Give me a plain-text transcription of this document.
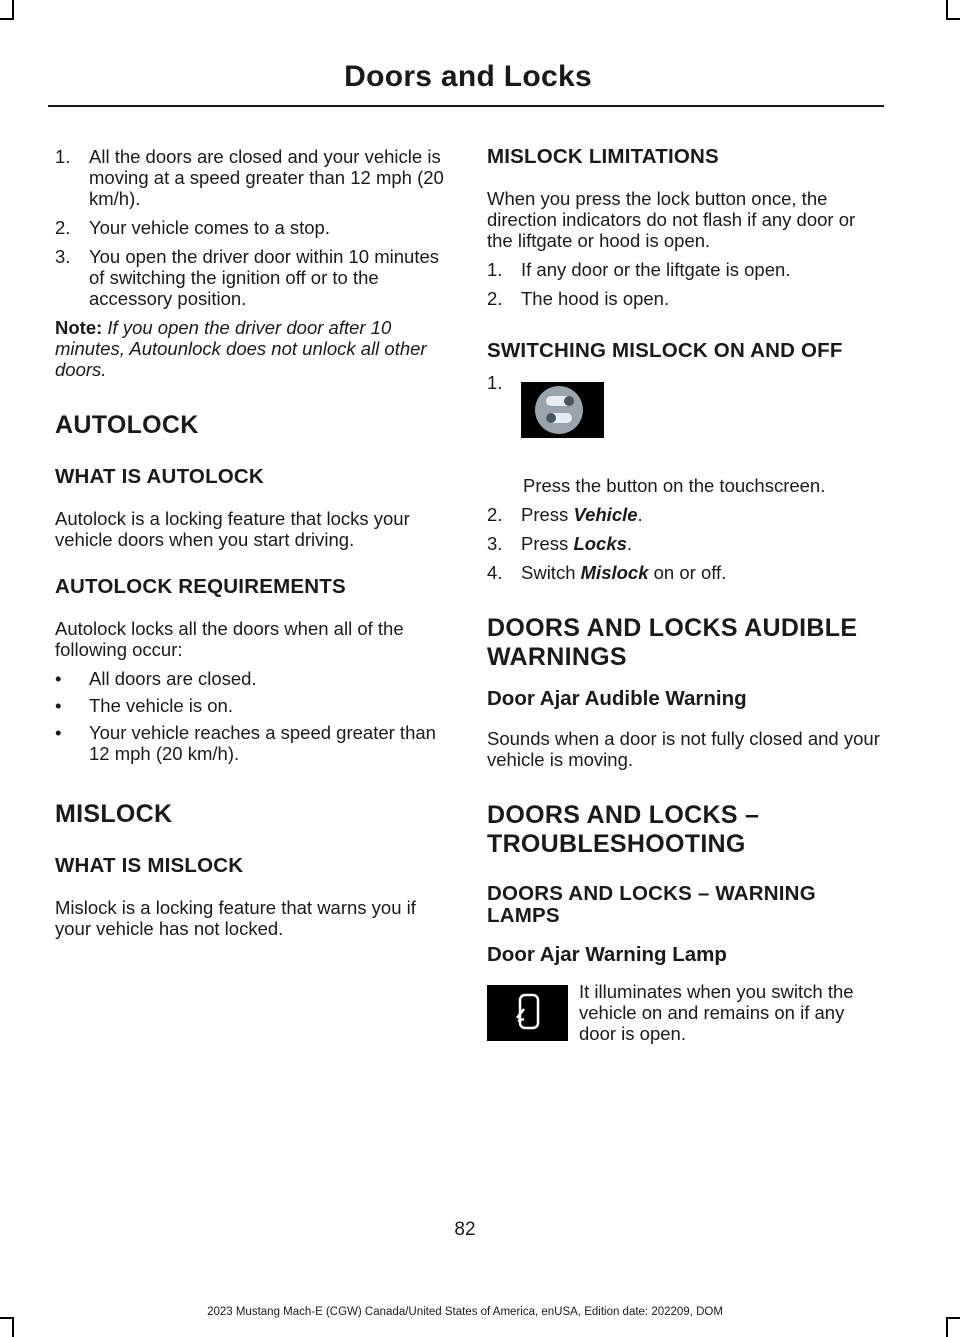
Doors and Locks
1. All the doors are closed and your vehicle is moving at a speed greater than 12 mph (20 km/h).
2. Your vehicle comes to a stop.
3. You open the driver door within 10 minutes of switching the ignition off or to the accessory position.

Note: If you open the driver door after 10 minutes, Autounlock does not unlock all other doors.

AUTOLOCK
WHAT IS AUTOLOCK

Autolock is a locking feature that locks your vehicle doors when you start driving.

AUTOLOCK REQUIREMENTS

Autolock locks all the doors when all of the following occur:

• All doors are closed.
• The vehicle is on.
• Your vehicle reaches a speed greater than 12 mph (20 km/h).
MISLOCK
WHAT IS MISLOCK

Mislock is a locking feature that warns you if your vehicle has not locked.

MISLOCK LIMITATIONS

When you press the lock button once, the direction indicators do not flash if any door or the liftgate or hood is open.

1. If any door or the liftgate is open.
2. The hood is open.
SWITCHING MISLOCK ON AND OFF
1.
Press the button on the touchscreen.
2. Press Vehicle.
3. Press Locks.
4. Switch Mislock on or off.
DOORS AND LOCKS AUDIBLE
WARNINGS
Door Ajar Audible Warning

Sounds when a door is not fully closed and your vehicle is moving.

DOORS AND LOCKS –
TROUBLESHOOTING
DOORS AND LOCKS – WARNING LAMPS
Door Ajar Warning Lamp

It illuminates when you switch the vehicle on and remains on if any door is open.

82
2023 Mustang Mach-E (CGW) Canada/United States of America, enUSA, Edition date: 202209, DOM
